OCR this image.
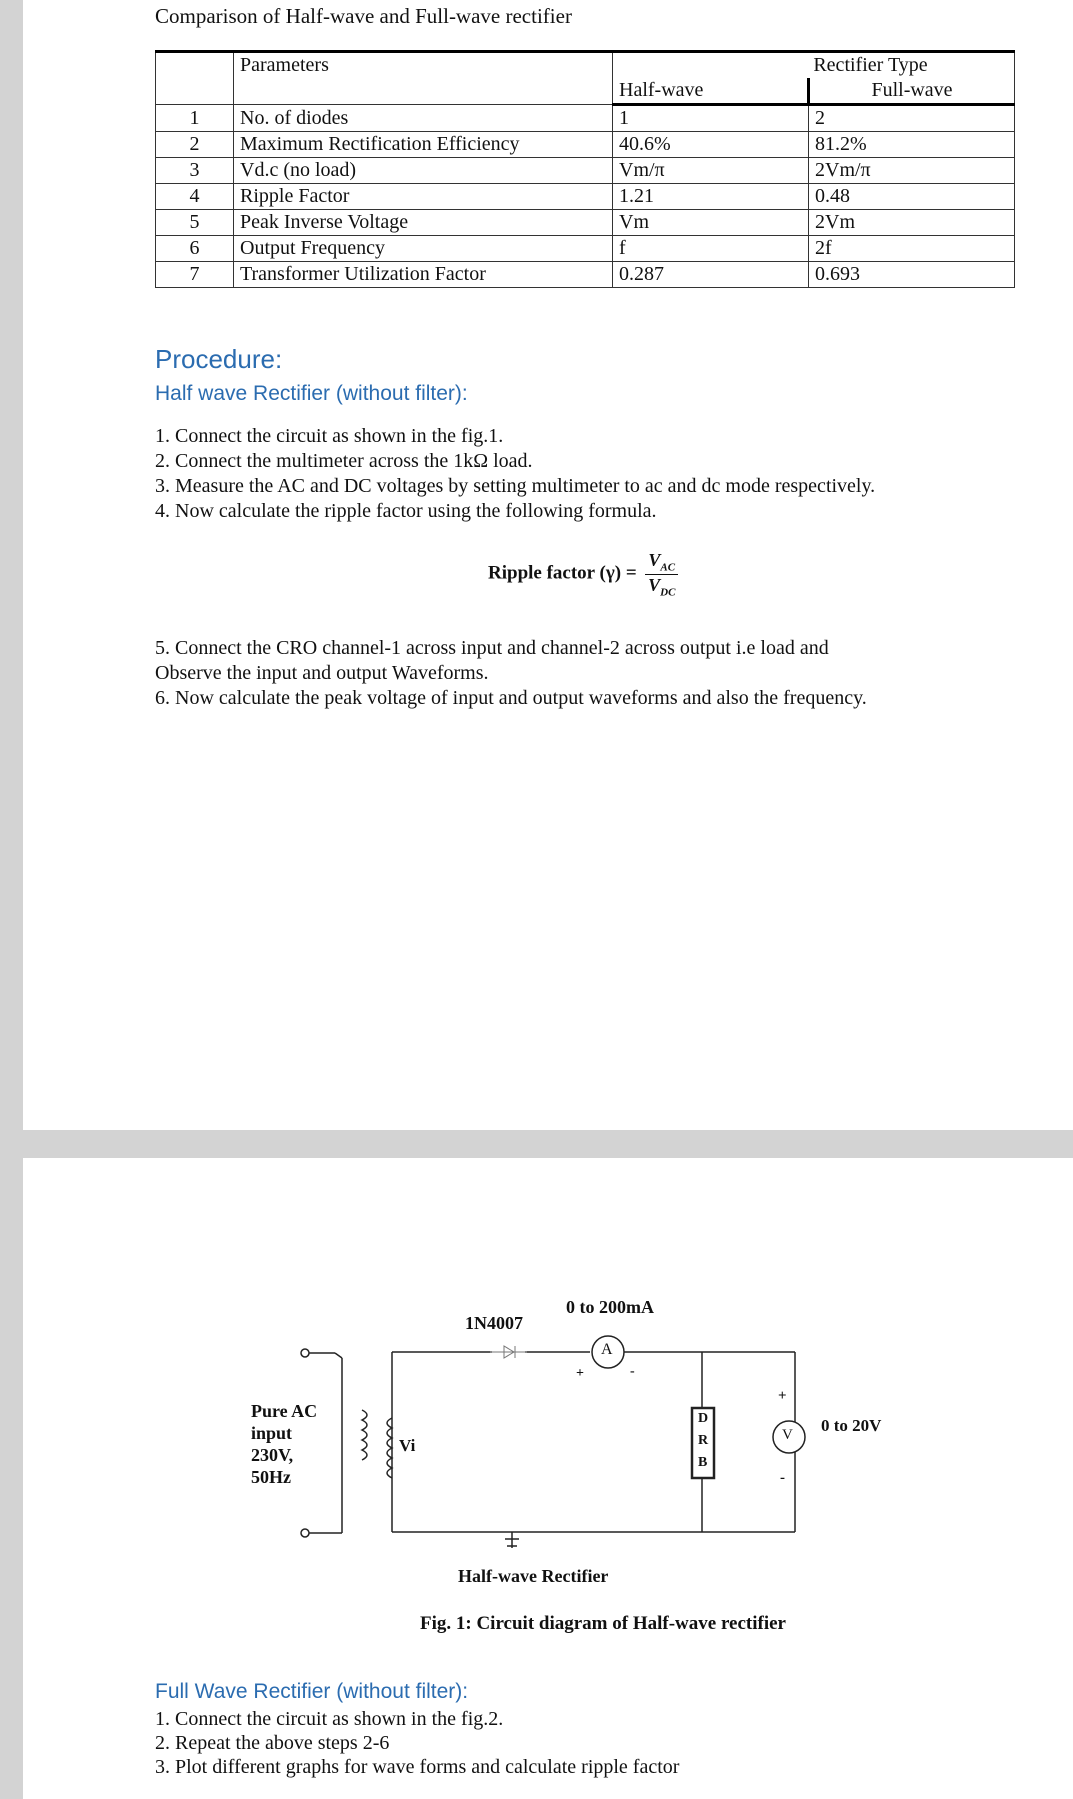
Comparison of Half-wave and Full-wave rectifier
	Parameters	Rectifier Type	
		Half-wave	Full-wave
1	No. of diodes	1	2
2	Maximum Rectification Efficiency	40.6%	81.2%
3	Vd.c (no load)	Vm/π	2Vm/π
4	Ripple Factor	1.21	0.48
5	Peak Inverse Voltage	Vm	2Vm
6	Output Frequency	f	2f
7	Transformer Utilization Factor	0.287	0.693
Procedure:
Half wave Rectifier (without filter):
1. Connect the circuit as shown in the fig.1.
2. Connect the multimeter across the 1kΩ load.
3. Measure the AC and DC voltages by setting multimeter to ac and dc mode respectively.
4. Now calculate the ripple factor using the following formula.
Ripple factor $(\gamma) = \frac{V_{AC}}{V_{DC}}$
5. Connect the CRO channel-1 across input and channel-2 across output i.e load and
Observe the input and output Waveforms.
6. Now calculate the peak voltage of input and output waveforms and also the frequency.
1N4007
0 to 200mA
A
+	-
Pure AC
input
230V,
50Hz
Vi
D
R
B
V
+
-
0 to 20V
Half-wave Rectifier
Fig. 1: Circuit diagram of Half-wave rectifier
Full Wave Rectifier (without filter):
1. Connect the circuit as shown in the fig.2.
2. Repeat the above steps 2-6
3. Plot different graphs for wave forms and calculate ripple factor
